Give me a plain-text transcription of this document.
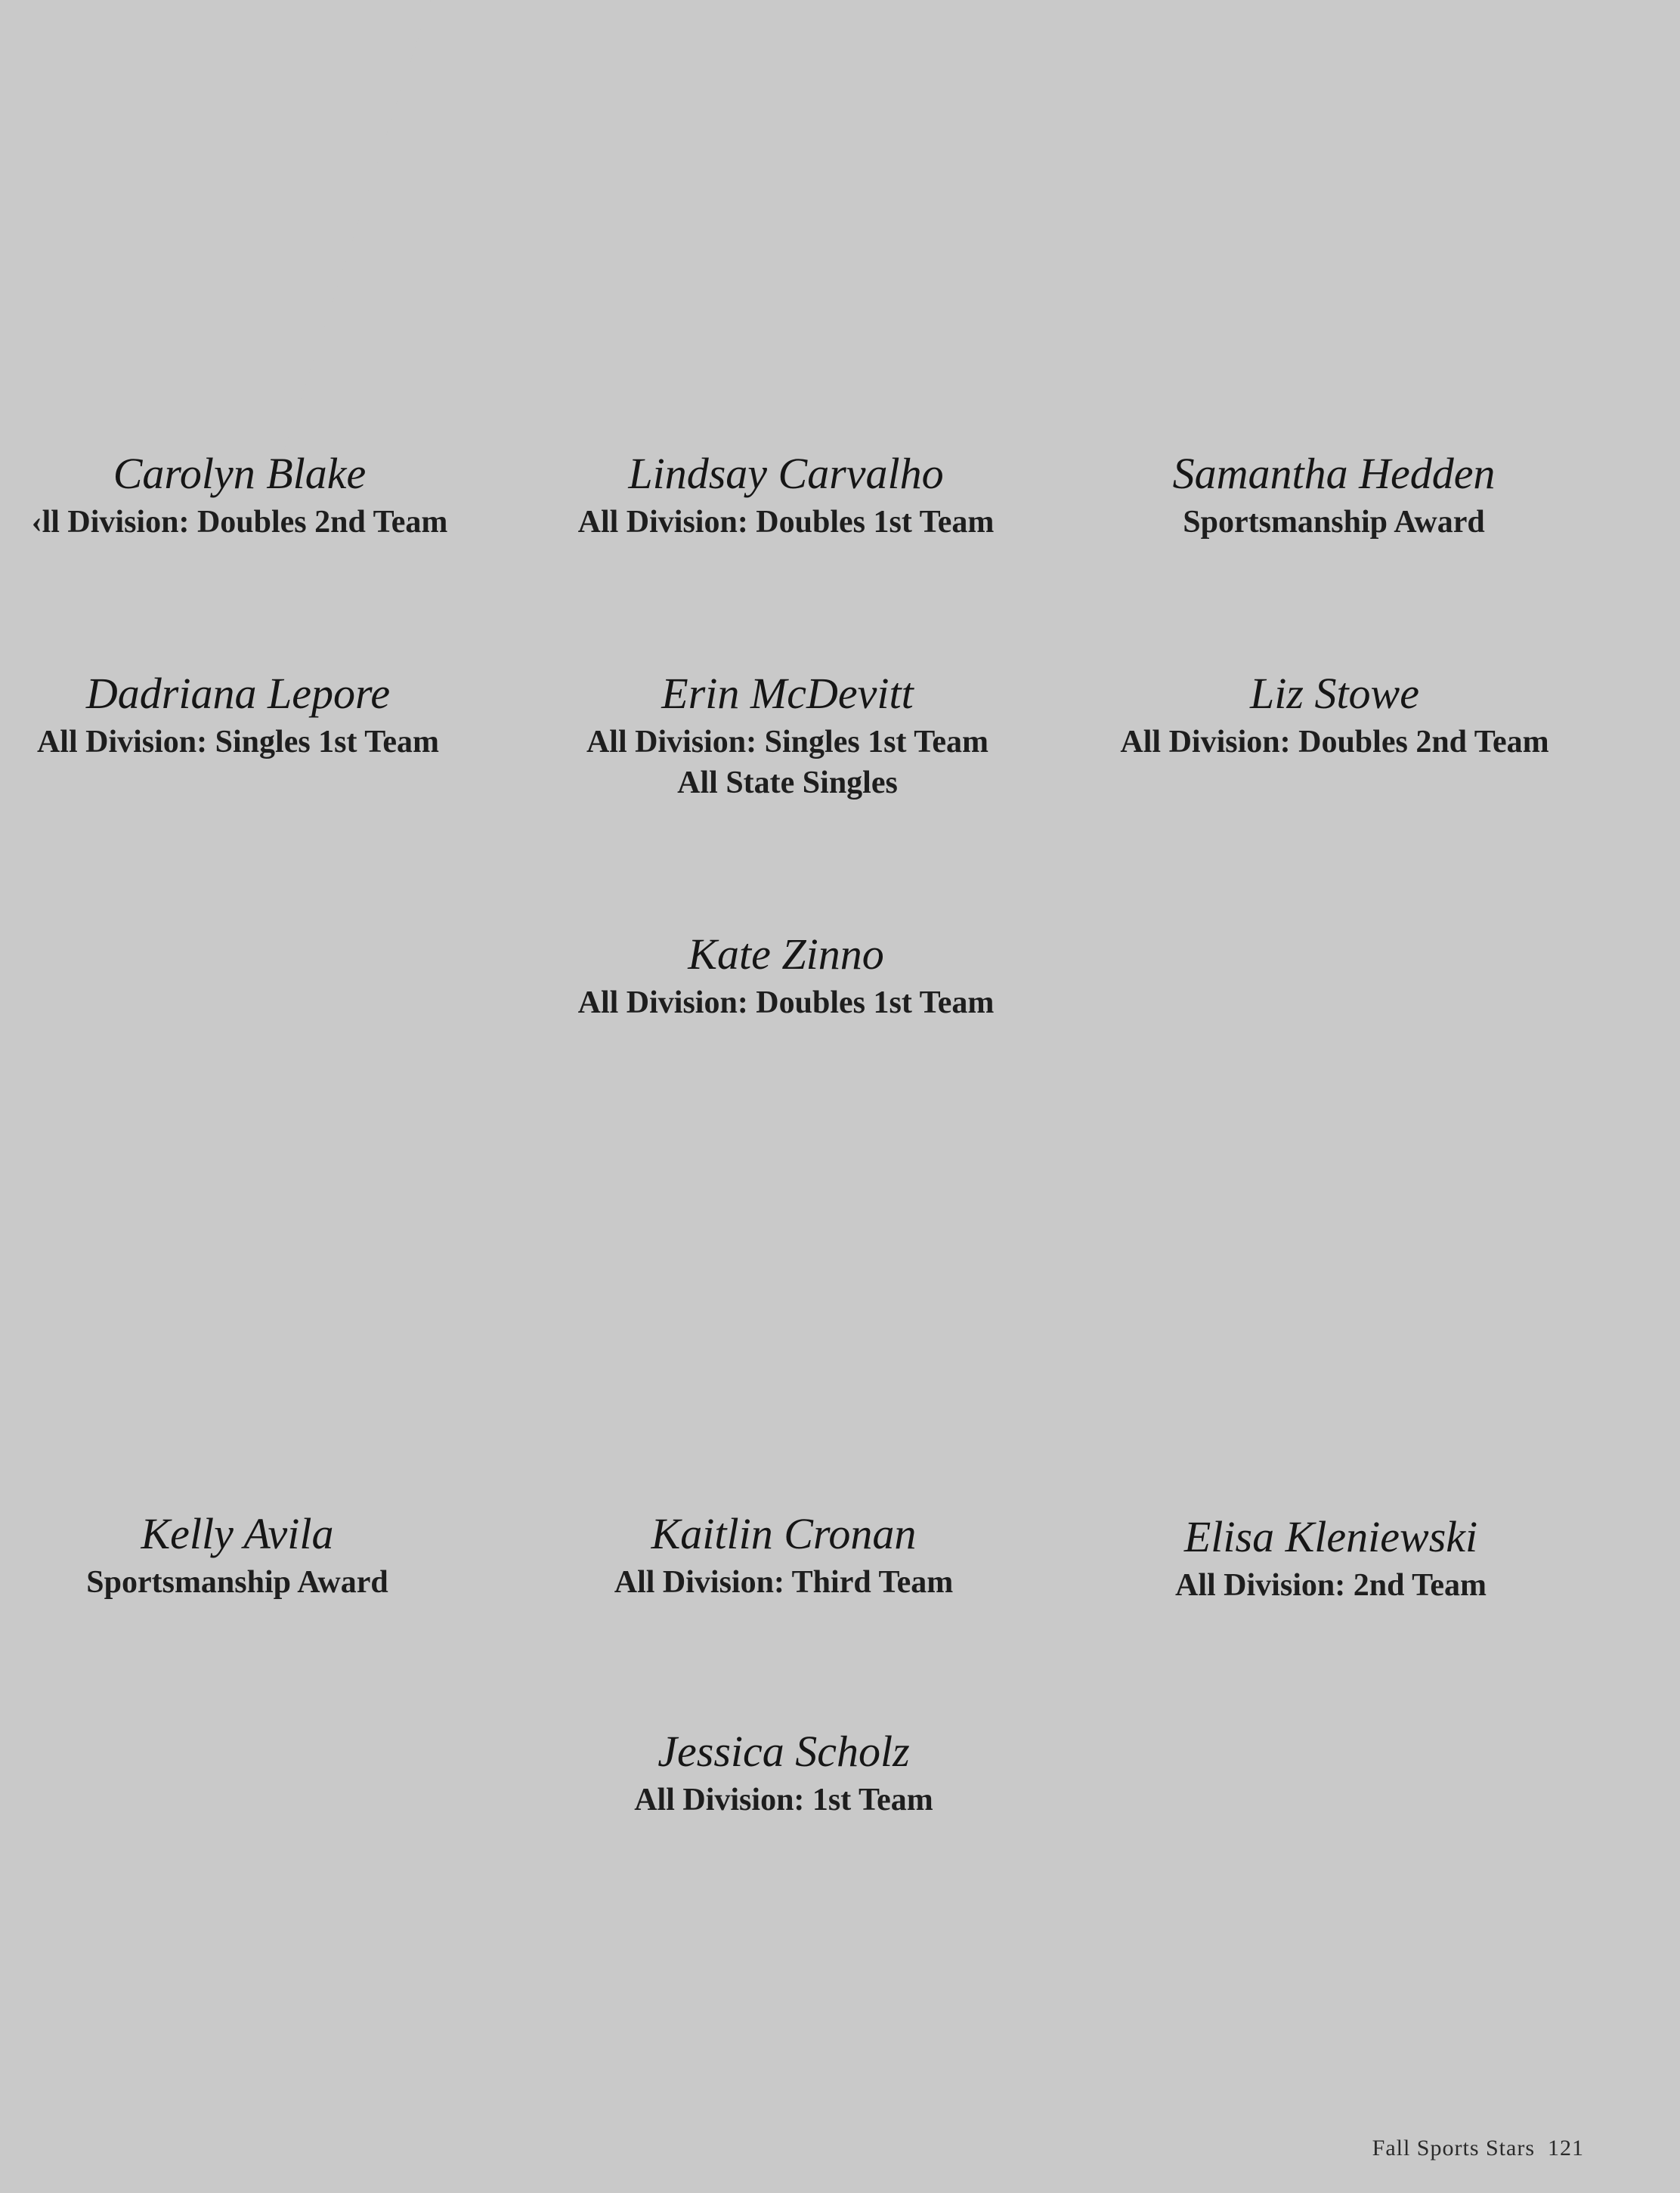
Bengals' Best
Tennis Team Stars
Soccer Team Stars
Carolyn Blake
‹ll Division: Doubles 2nd Team
Lindsay Carvalho
All Division: Doubles 1st Team
Samantha Hedden
Sportsmanship Award
Dadriana Lepore
All Division: Singles 1st Team
Erin McDevitt
All Division: Singles 1st Team
All State Singles
Liz Stowe
All Division: Doubles 2nd Team
Kate Zinno
All Division: Doubles 1st Team
Kelly Avila
Sportsmanship Award
Kaitlin Cronan
All Division: Third Team
Elisa Kleniewski
All Division: 2nd Team
Jessica Scholz
All Division: 1st Team
Fall Sports Stars 121
